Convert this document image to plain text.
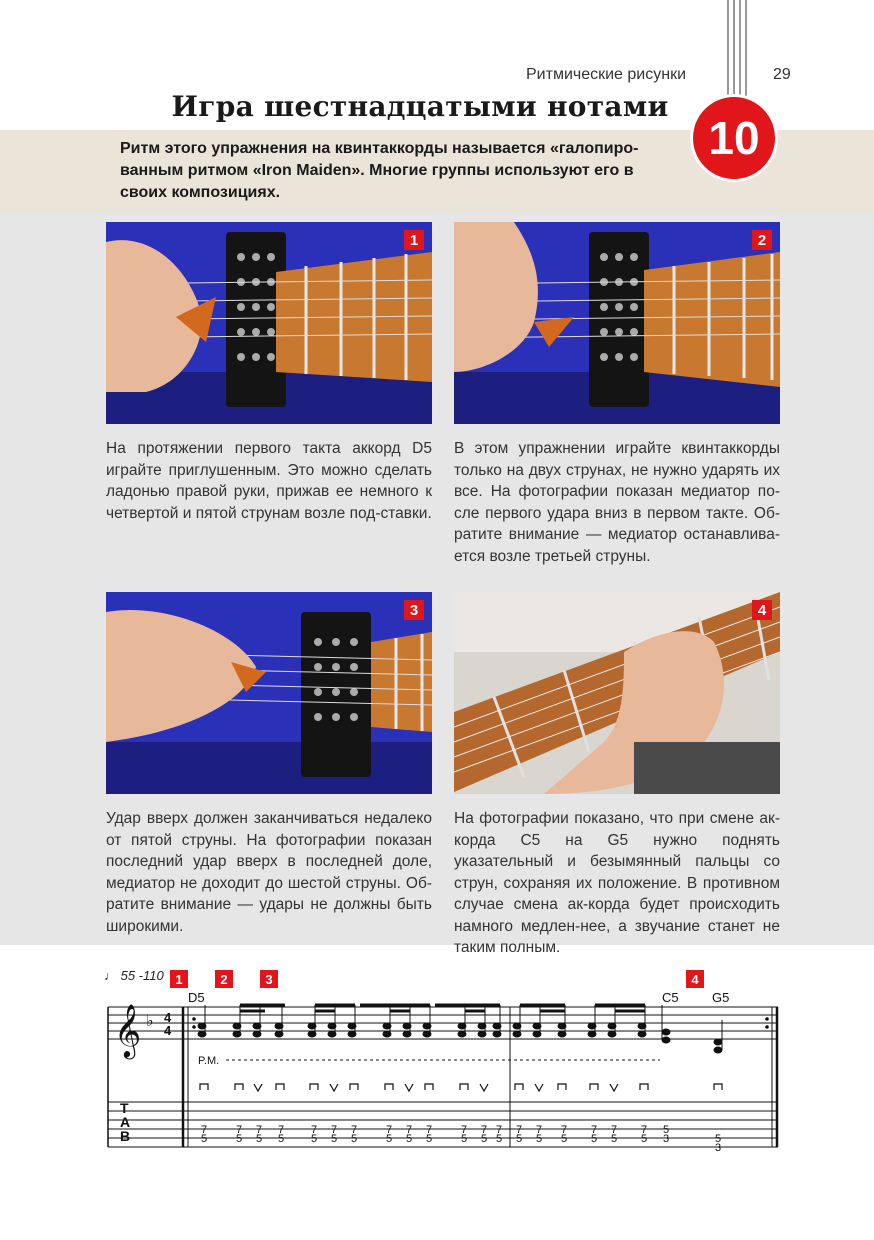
Ритмические рисунки	29
Игра шестнадцатыми нотами
Ритм этого упражнения на квинтаккорды называется «галопиро-ванным ритмом «Iron Maiden». Многие группы используют его в своих композициях.
10
1	2
На протяжении первого такта аккорд D5 играйте приглушенным. Это можно сделать ладонью правой руки, прижав ее немного к четвертой и пятой струнам возле под-ставки.
В этом упражнении играйте квинтаккорды только на двух струнах, не нужно ударять их все. На фотографии показан медиатор по-сле первого удара вниз в первом такте. Об-ратите внимание — медиатор останавлива-ется возле третьей струны.
3	4
Удар вверх должен заканчиваться недалеко от пятой струны. На фотографии показан последний удар вверх в последней доле, медиатор не доходит до шестой струны. Об-ратите внимание — удары не должны быть широкими.
На фотографии показано, что при смене ак-корда C5 на G5 нужно поднять указательный и безымянный пальцы со струн, сохраняя их положение. В противном случае смена ак-корда будет происходить намного медлен-нее, а звучание станет не таким полным.
♩ 55 -110 1	2	3	4
D5	C5	G5
P.M.
𝄞 ♭ 4
4
T
A
B	7
5
7
5
7
5
7
5
7
5
7
5
7
5
7
5
7
5
7
5
7
5
7
5
7
5
7
5
7
5
7
5
7
5
7
5
7
5
5
3	5
3
